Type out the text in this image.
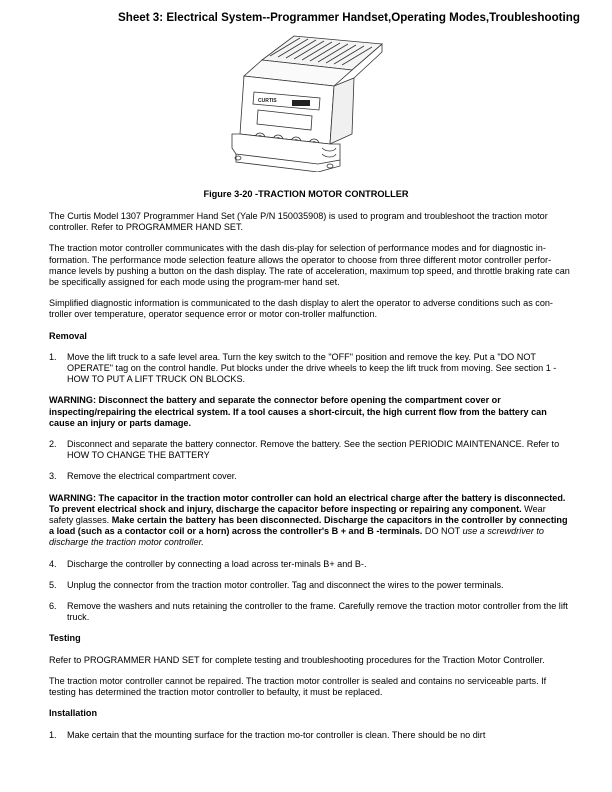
Sheet 3: Electrical System--Programmer Handset,Operating Modes,Troubleshooting
CURTIS
Figure 3-20 -TRACTION MOTOR CONTROLLER

The Curtis Model 1307 Programmer Hand Set (Yale P/N 150035908) is used to program and troubleshoot the traction motor controller. Refer to PROGRAMMER HAND SET.

The traction motor controller communicates with the dash dis-play for selection of performance modes and for diagnostic in-formation. The performance mode selection feature allows the operator to choose from three different motor controller perfor-mance levels by pushing a button on the dash display. The rate of acceleration, maximum top speed, and throttle braking rate can be specifically assigned for each mode using the program-mer hand set.

Simplified diagnostic information is communicated to the dash display to alert the operator to adverse conditions such as con-troller over temperature, operator sequence error or motor con-troller malfunction.

Removal
1.	Move the lift truck to a safe level area. Turn the key switch to the "OFF" position and remove the key. Put a "DO NOT OPERATE" tag on the control handle. Put blocks under the drive wheels to keep the lift truck from moving. See section 1 -HOW TO PUT A LIFT TRUCK ON BLOCKS.
WARNING: Disconnect the battery and separate the connector before opening the compartment cover or inspecting/repairing the electrical system. If a tool causes a short-circuit, the high current flow from the battery can cause an injury or parts damage.
2.	Disconnect and separate the battery connector. Remove the battery. See the section PERIODIC MAINTENANCE. Refer to HOW TO CHANGE THE BATTERY
3.	Remove the electrical compartment cover.
WARNING: The capacitor in the traction motor controller can hold an electrical charge after the battery is disconnected. To prevent electrical shock and injury, discharge the capacitor before inspecting or repairing any component. Wear safety glasses. Make certain the battery has been disconnected. Discharge the capacitors in the controller by connecting a load (such as a contactor coil or a horn) across the controller's B + and B -terminals. DO NOT use a screwdriver to discharge the traction motor controller.
4.	Discharge the controller by connecting a load across ter-minals B+ and B-.
5.	Unplug the connector from the traction motor controller. Tag and disconnect the wires to the power terminals.
6.	Remove the washers and nuts retaining the controller to the frame. Carefully remove the traction motor controller from the lift truck.
Testing

Refer to PROGRAMMER HAND SET for complete testing and troubleshooting procedures for the Traction Motor Controller.

The traction motor controller cannot be repaired. The traction motor controller is sealed and contains no serviceable parts. If testing has determined the traction motor controller to befaulty, it must be replaced.

Installation
1.	Make certain that the mounting surface for the traction mo-tor controller is clean. There should be no dirt
